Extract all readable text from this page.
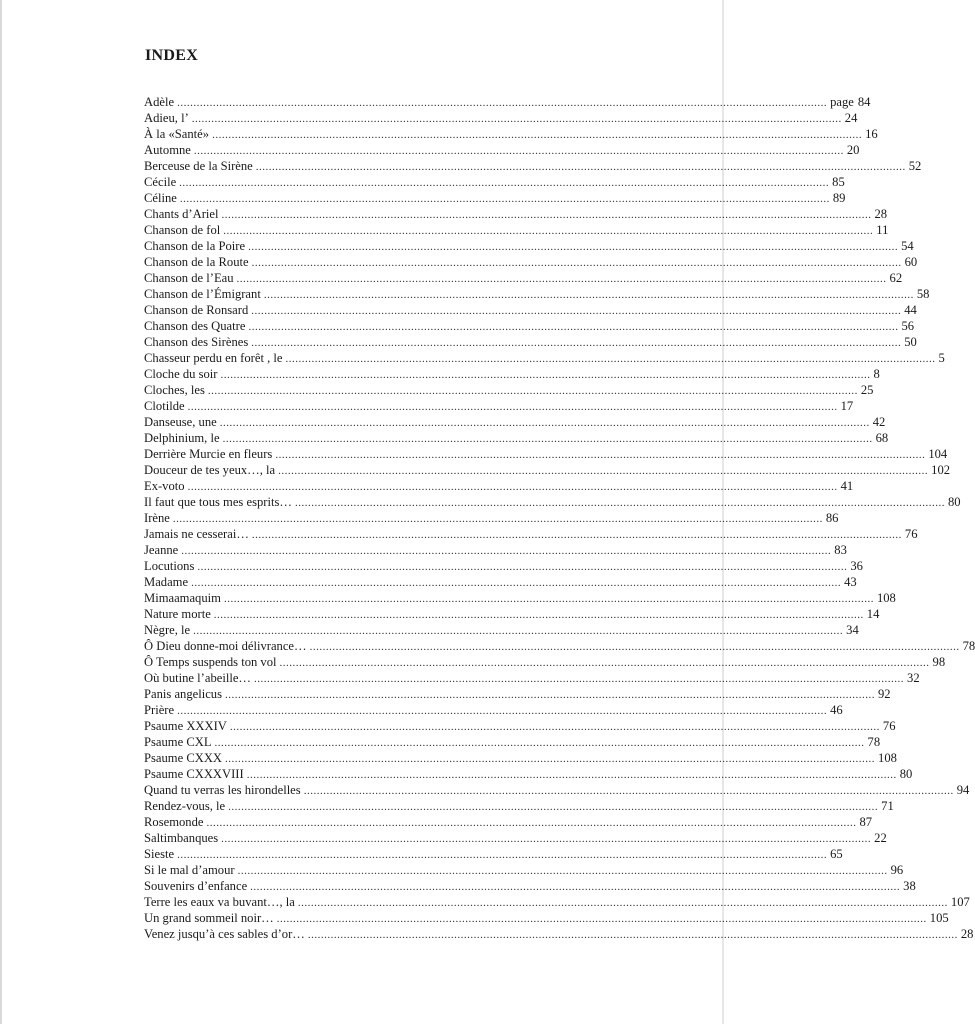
INDEX
Adèle ........................................................................................................................................................................................................ page 84
Adieu, l’ ........................................................................................................................................................................................................ 24
À la «Santé» ........................................................................................................................................................................................................ 16
Automne ........................................................................................................................................................................................................ 20
Berceuse de la Sirène ........................................................................................................................................................................................................ 52
Cécile ........................................................................................................................................................................................................ 85
Céline ........................................................................................................................................................................................................ 89
Chants d’Ariel ........................................................................................................................................................................................................ 28
Chanson de fol ........................................................................................................................................................................................................ 11
Chanson de la Poire ........................................................................................................................................................................................................ 54
Chanson de la Route ........................................................................................................................................................................................................ 60
Chanson de l’Eau ........................................................................................................................................................................................................ 62
Chanson de l’Émigrant ........................................................................................................................................................................................................ 58
Chanson de Ronsard ........................................................................................................................................................................................................ 44
Chanson des Quatre ........................................................................................................................................................................................................ 56
Chanson des Sirènes ........................................................................................................................................................................................................ 50
Chasseur perdu en forêt , le ........................................................................................................................................................................................................ 5
Cloche du soir ........................................................................................................................................................................................................ 8
Cloches, les ........................................................................................................................................................................................................ 25
Clotilde ........................................................................................................................................................................................................ 17
Danseuse, une ........................................................................................................................................................................................................ 42
Delphinium, le ........................................................................................................................................................................................................ 68
Derrière Murcie en fleurs ........................................................................................................................................................................................................ 104
Douceur de tes yeux…, la ........................................................................................................................................................................................................ 102
Ex-voto ........................................................................................................................................................................................................ 41
Il faut que tous mes esprits… ........................................................................................................................................................................................................ 80
Irène ........................................................................................................................................................................................................ 86
Jamais ne cesserai… ........................................................................................................................................................................................................ 76
Jeanne ........................................................................................................................................................................................................ 83
Locutions ........................................................................................................................................................................................................ 36
Madame ........................................................................................................................................................................................................ 43
Mimaamaquim ........................................................................................................................................................................................................ 108
Nature morte ........................................................................................................................................................................................................ 14
Nègre, le ........................................................................................................................................................................................................ 34
Ô Dieu donne-moi délivrance… ........................................................................................................................................................................................................ 78
Ô Temps suspends ton vol ........................................................................................................................................................................................................ 98
Où butine l’abeille… ........................................................................................................................................................................................................ 32
Panis angelicus ........................................................................................................................................................................................................ 92
Prière ........................................................................................................................................................................................................ 46
Psaume XXXIV ........................................................................................................................................................................................................ 76
Psaume CXL ........................................................................................................................................................................................................ 78
Psaume CXXX ........................................................................................................................................................................................................ 108
Psaume CXXXVIII ........................................................................................................................................................................................................ 80
Quand tu verras les hirondelles ........................................................................................................................................................................................................ 94
Rendez-vous, le ........................................................................................................................................................................................................ 71
Rosemonde ........................................................................................................................................................................................................ 87
Saltimbanques ........................................................................................................................................................................................................ 22
Sieste ........................................................................................................................................................................................................ 65
Si le mal d’amour ........................................................................................................................................................................................................ 96
Souvenirs d’enfance ........................................................................................................................................................................................................ 38
Terre les eaux va buvant…, la ........................................................................................................................................................................................................ 107
Un grand sommeil noir… ........................................................................................................................................................................................................ 105
Venez jusqu’à ces sables d’or… ........................................................................................................................................................................................................ 28
